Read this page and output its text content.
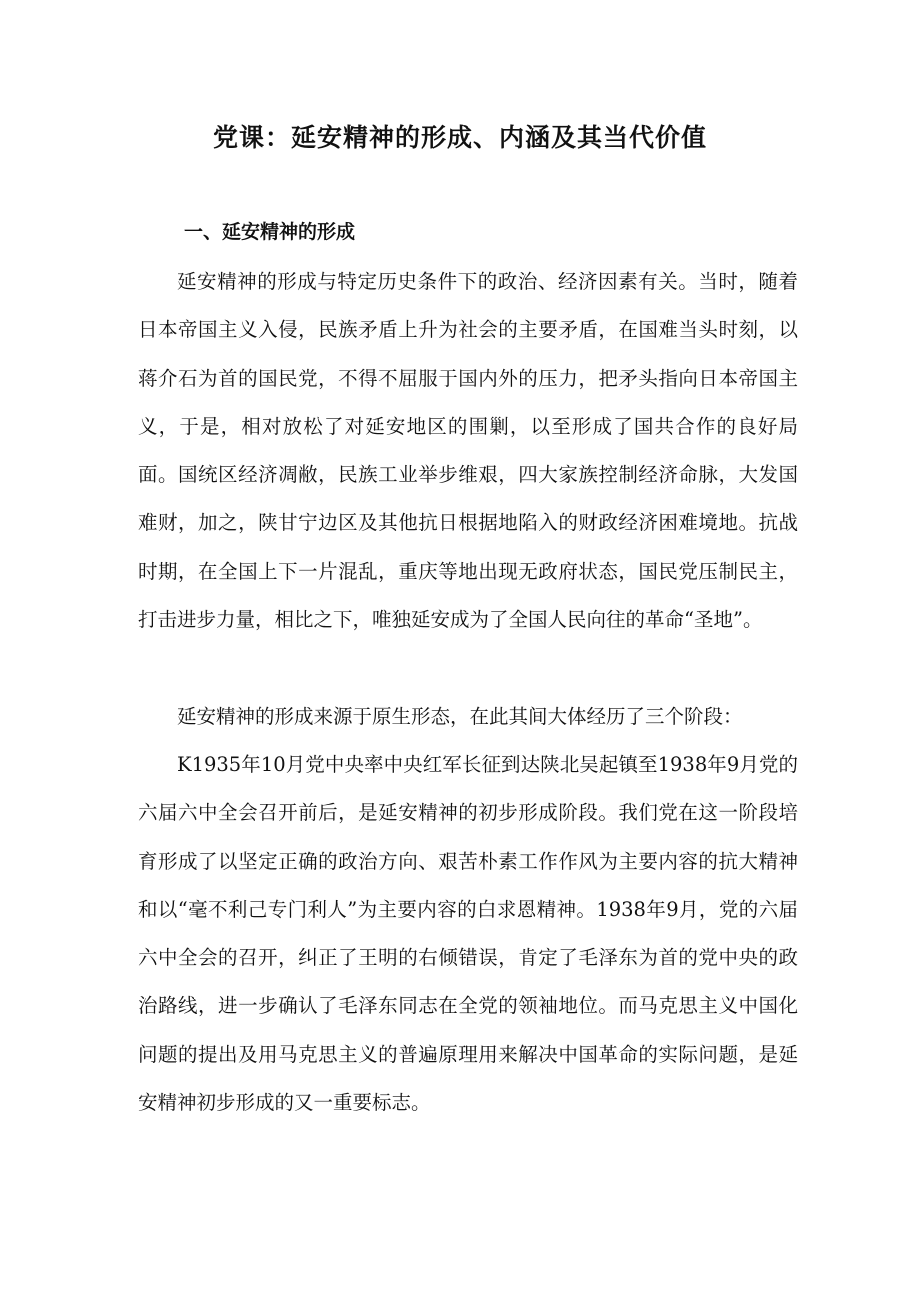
党课：延安精神的形成、内涵及其当代价值
一、延安精神的形成

延安精神的形成与特定历史条件下的政治、经济因素有关。当时，随着日本帝国主义入侵，民族矛盾上升为社会的主要矛盾，在国难当头时刻，以蒋介石为首的国民党，不得不屈服于国内外的压力，把矛头指向日本帝国主义，于是，相对放松了对延安地区的围剿，以至形成了国共合作的良好局面。国统区经济凋敝，民族工业举步维艰，四大家族控制经济命脉，大发国难财，加之，陕甘宁边区及其他抗日根据地陷入的财政经济困难境地。抗战时期，在全国上下一片混乱，重庆等地出现无政府状态，国民党压制民主，打击进步力量，相比之下，唯独延安成为了全国人民向往的革命“圣地”。

延安精神的形成来源于原生形态，在此其间大体经历了三个阶段：

K1935年10月党中央率中央红军长征到达陕北吴起镇至1938年9月党的六届六中全会召开前后，是延安精神的初步形成阶段。我们党在这一阶段培育形成了以坚定正确的政治方向、艰苦朴素工作作风为主要内容的抗大精神和以“毫不利己专门利人”为主要内容的白求恩精神。1938年9月，党的六届六中全会的召开，纠正了王明的右倾错误，肯定了毛泽东为首的党中央的政治路线，进一步确认了毛泽东同志在全党的领袖地位。而马克思主义中国化问题的提出及用马克思主义的普遍原理用来解决中国革命的实际问题，是延安精神初步形成的又一重要标志。
